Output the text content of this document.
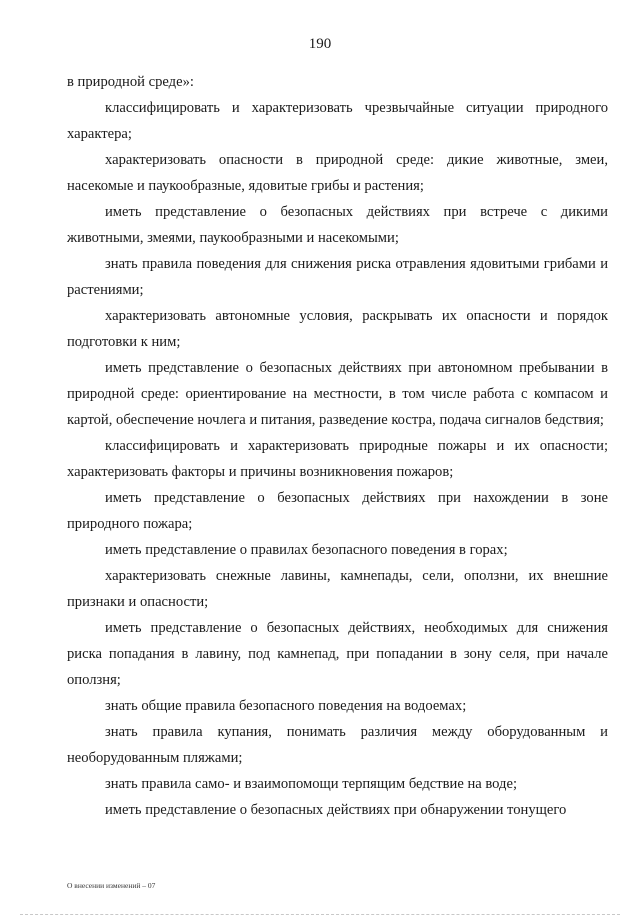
190

в природной среде»:

классифицировать и характеризовать чрезвычайные ситуации природного характера;

характеризовать опасности в природной среде: дикие животные, змеи, насекомые и паукообразные, ядовитые грибы и растения;

иметь представление о безопасных действиях при встрече с дикими животными, змеями, паукообразными и насекомыми;

знать правила поведения для снижения риска отравления ядовитыми грибами и растениями;

характеризовать автономные условия, раскрывать их опасности и порядок подготовки к ним;

иметь представление о безопасных действиях при автономном пребывании в природной среде: ориентирование на местности, в том числе работа с компасом и картой, обеспечение ночлега и питания, разведение костра, подача сигналов бедствия;

классифицировать и характеризовать природные пожары и их опасности; характеризовать факторы и причины возникновения пожаров;

иметь представление о безопасных действиях при нахождении в зоне природного пожара;

иметь представление о правилах безопасного поведения в горах;

характеризовать снежные лавины, камнепады, сели, оползни, их внешние признаки и опасности;

иметь представление о безопасных действиях, необходимых для снижения риска попадания в лавину, под камнепад, при попадании в зону селя, при начале оползня;

знать общие правила безопасного поведения на водоемах;

знать правила купания, понимать различия между оборудованным и необорудованным пляжами;

знать правила само- и взаимопомощи терпящим бедствие на воде;

иметь представление о безопасных действиях при обнаружении тонущего

О внесении изменений – 07
